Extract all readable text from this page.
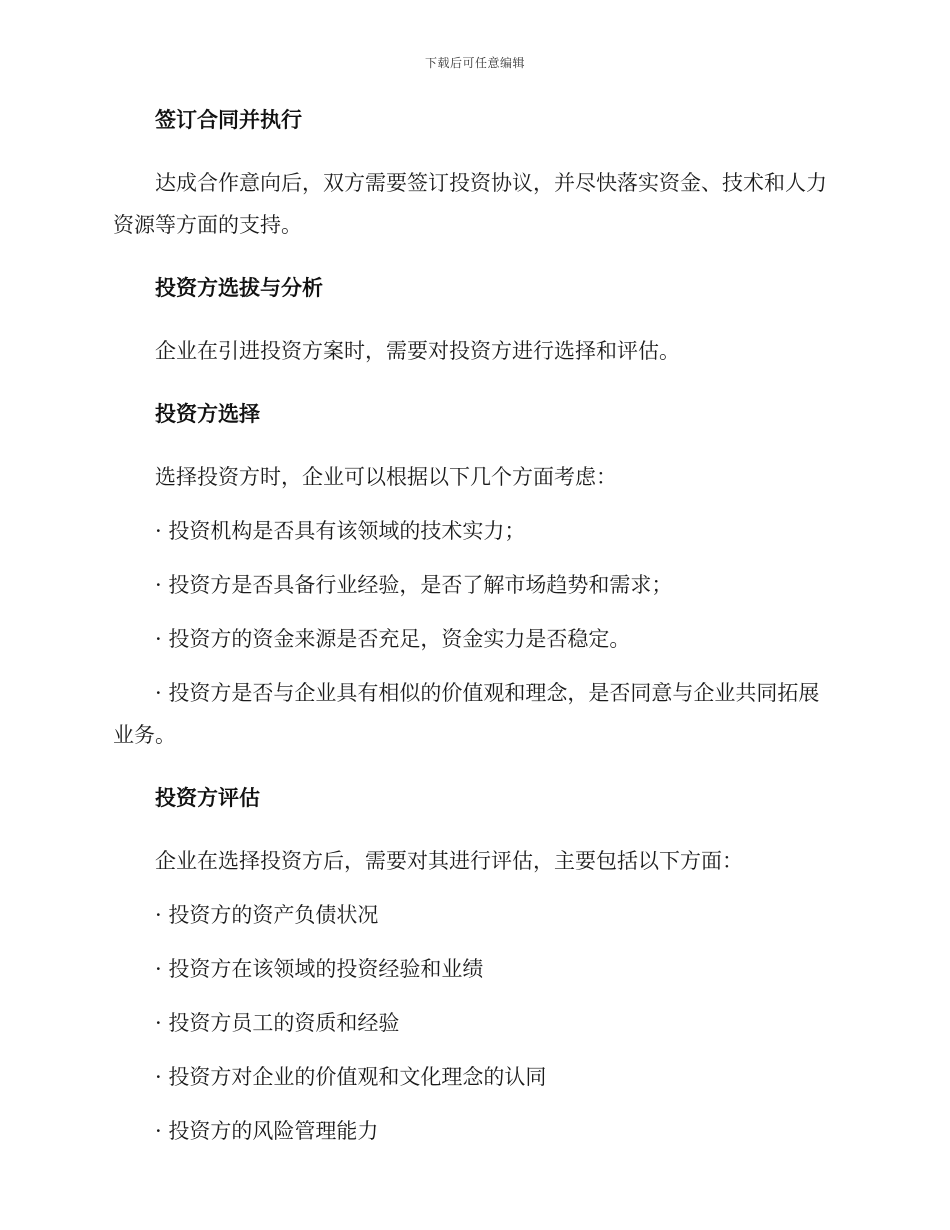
下载后可任意编辑
签订合同并执行

达成合作意向后，双方需要签订投资协议，并尽快落实资金、技术和人力资源等方面的支持。

投资方选拔与分析

企业在引进投资方案时，需要对投资方进行选择和评估。

投资方选择

选择投资方时，企业可以根据以下几个方面考虑：

· 投资机构是否具有该领域的技术实力；

· 投资方是否具备行业经验，是否了解市场趋势和需求；

· 投资方的资金来源是否充足，资金实力是否稳定。

· 投资方是否与企业具有相似的价值观和理念，是否同意与企业共同拓展业务。

投资方评估

企业在选择投资方后，需要对其进行评估，主要包括以下方面：

· 投资方的资产负债状况

· 投资方在该领域的投资经验和业绩

· 投资方员工的资质和经验

· 投资方对企业的价值观和文化理念的认同

· 投资方的风险管理能力
